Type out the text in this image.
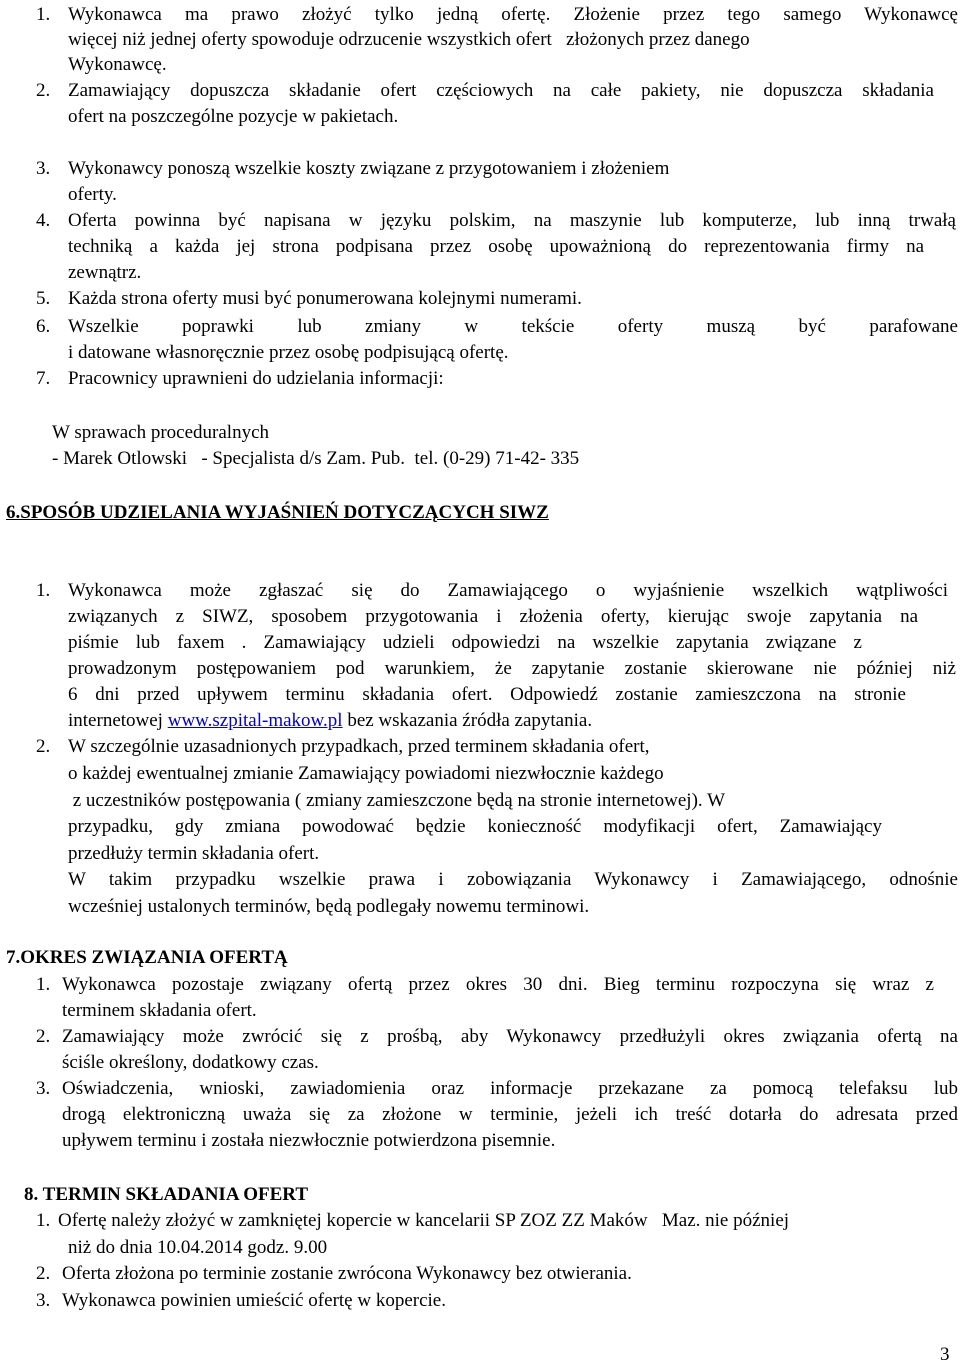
1. Wykonawca ma prawo złożyć tylko jedną ofertę. Złożenie przez tego samego Wykonawcę
więcej niż jednej oferty spowoduje odrzucenie wszystkich ofert   złożonych przez danego
Wykonawcę.
2. Zamawiający dopuszcza składanie ofert częściowych na całe pakiety, nie dopuszcza składania
ofert na poszczególne pozycje w pakietach.
3. Wykonawcy ponoszą wszelkie koszty związane z przygotowaniem i złożeniem
oferty.
4. Oferta powinna być napisana w języku polskim, na maszynie lub komputerze, lub inną trwałą
techniką a każda jej strona podpisana przez osobę upoważnioną do reprezentowania firmy na
zewnątrz.
5. Każda strona oferty musi być ponumerowana kolejnymi numerami.
6. Wszelkie poprawki lub zmiany w tekście oferty muszą być parafowane
i datowane własnoręcznie przez osobę podpisującą ofertę.
7. Pracownicy uprawnieni do udzielania informacji:
W sprawach proceduralnych
- Marek Otlowski   - Specjalista d/s Zam. Pub.  tel. (0-29) 71-42- 335
6.SPOSÓB UDZIELANIA WYJAŚNIEŃ DOTYCZĄCYCH SIWZ
1. Wykonawca może zgłaszać się do Zamawiającego o wyjaśnienie wszelkich wątpliwości
związanych z SIWZ, sposobem przygotowania i złożenia oferty, kierując swoje zapytania na
piśmie lub faxem . Zamawiający udzieli odpowiedzi na wszelkie zapytania związane z
prowadzonym postępowaniem pod warunkiem, że zapytanie zostanie skierowane nie później niż
6 dni przed upływem terminu składania ofert. Odpowiedź zostanie zamieszczona na stronie
internetowej www.szpital-makow.pl bez wskazania źródła zapytania.
2. W szczególnie uzasadnionych przypadkach, przed terminem składania ofert,
o każdej ewentualnej zmianie Zamawiający powiadomi niezwłocznie każdego
z uczestników postępowania ( zmiany zamieszczone będą na stronie internetowej). W
przypadku, gdy zmiana powodować będzie konieczność modyfikacji ofert, Zamawiający
przedłuży termin składania ofert.
W takim przypadku wszelkie prawa i zobowiązania Wykonawcy i Zamawiającego, odnośnie
wcześniej ustalonych terminów, będą podlegały nowemu terminowi.
7.OKRES ZWIĄZANIA OFERTĄ
1. Wykonawca pozostaje związany ofertą przez okres 30 dni. Bieg terminu rozpoczyna się wraz z
terminem składania ofert.
2. Zamawiający może zwrócić się z prośbą, aby Wykonawcy przedłużyli okres związania ofertą na
ściśle określony, dodatkowy czas.
3. Oświadczenia, wnioski, zawiadomienia oraz informacje przekazane za pomocą telefaksu lub
drogą elektroniczną uważa się za złożone w terminie, jeżeli ich treść dotarła do adresata przed
upływem terminu i została niezwłocznie potwierdzona pisemnie.
8. TERMIN SKŁADANIA OFERT
1. Ofertę należy złożyć w zamkniętej kopercie w kancelarii SP ZOZ ZZ Maków   Maz. nie później
niż do dnia 10.04.2014 godz. 9.00
2. Oferta złożona po terminie zostanie zwrócona Wykonawcy bez otwierania.
3. Wykonawca powinien umieścić ofertę w kopercie.
3
